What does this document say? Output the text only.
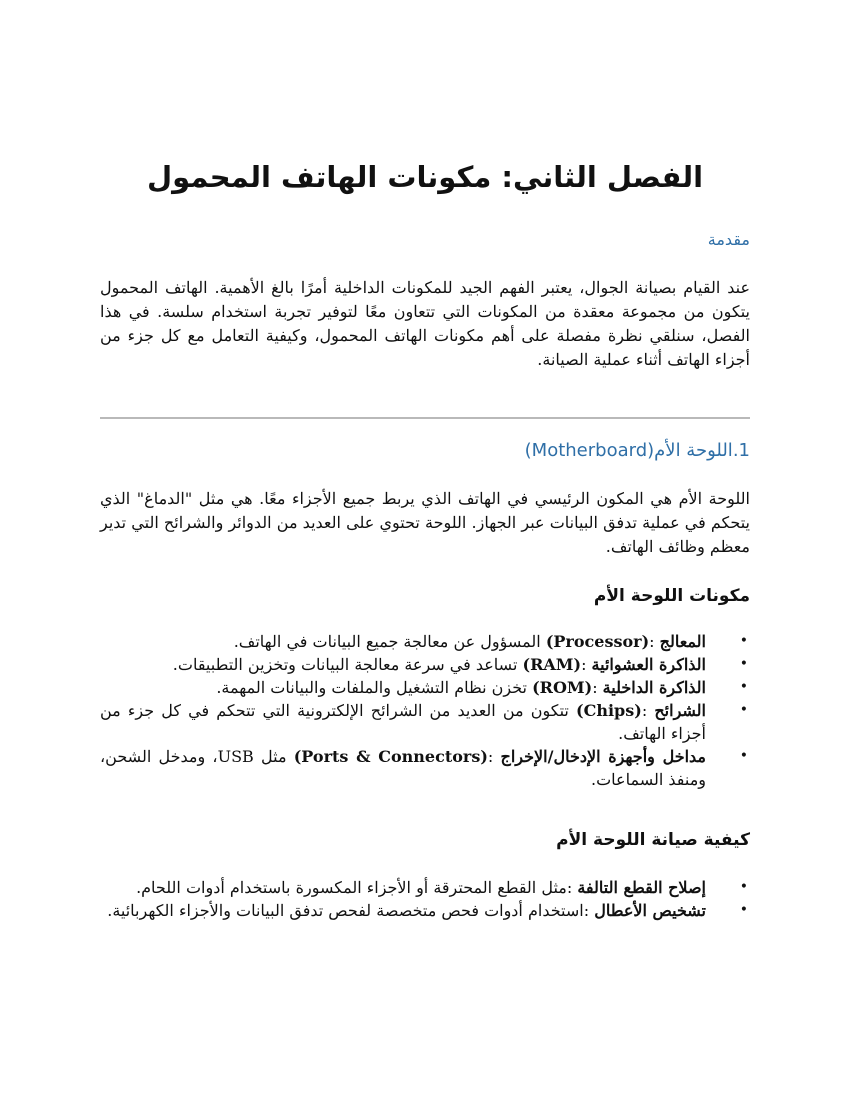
الفصل الثاني: مكونات الهاتف المحمول
مقدمة

عند القيام بصيانة الجوال، يعتبر الفهم الجيد للمكونات الداخلية أمرًا بالغ الأهمية. الهاتف المحمول يتكون من مجموعة معقدة من المكونات التي تتعاون معًا لتوفير تجربة استخدام سلسة. في هذا الفصل، سنلقي نظرة مفصلة على أهم مكونات الهاتف المحمول، وكيفية التعامل مع كل جزء من أجزاء الهاتف أثناء عملية الصيانة.

1.اللوحة الأم(Motherboard)

اللوحة الأم هي المكون الرئيسي في الهاتف الذي يربط جميع الأجزاء معًا. هي مثل "الدماغ" الذي يتحكم في عملية تدفق البيانات عبر الجهاز. اللوحة تحتوي على العديد من الدوائر والشرائح التي تدير معظم وظائف الهاتف.

مكونات اللوحة الأم
•
المعالج :(Processor) المسؤول عن معالجة جميع البيانات في الهاتف.
•
الذاكرة العشوائية :(RAM) تساعد في سرعة معالجة البيانات وتخزين التطبيقات.
•
الذاكرة الداخلية :(ROM) تخزن نظام التشغيل والملفات والبيانات المهمة.
•
الشرائح :(Chips) تتكون من العديد من الشرائح الإلكترونية التي تتحكم في كل جزء من أجزاء الهاتف.
•
مداخل وأجهزة الإدخال/الإخراج :(Ports & Connectors) مثل USB، ومدخل الشحن، ومنفذ السماعات.
كيفية صيانة اللوحة الأم
•
إصلاح القطع التالفة :مثل القطع المحترقة أو الأجزاء المكسورة باستخدام أدوات اللحام.
•
تشخيص الأعطال :استخدام أدوات فحص متخصصة لفحص تدفق البيانات والأجزاء الكهربائية.
